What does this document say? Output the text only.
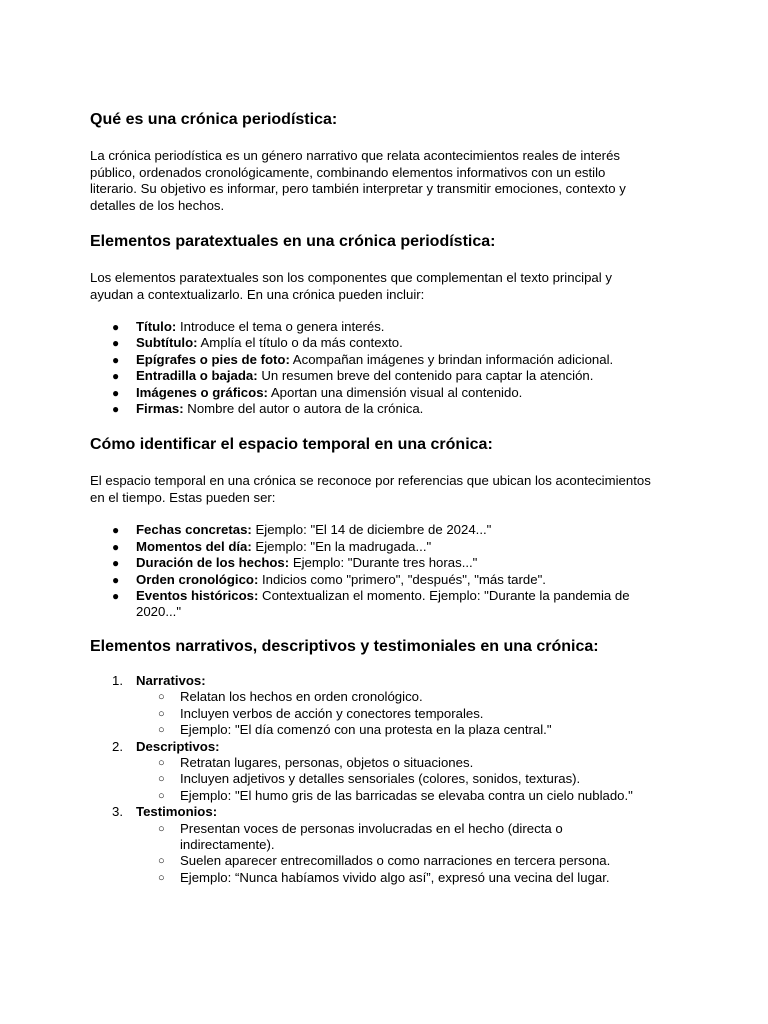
Qué es una crónica periodística:

La crónica periodística es un género narrativo que relata acontecimientos reales de interés
público, ordenados cronológicamente, combinando elementos informativos con un estilo
literario. Su objetivo es informar, pero también interpretar y transmitir emociones, contexto y
detalles de los hechos.

Elementos paratextuales en una crónica periodística:

Los elementos paratextuales son los componentes que complementan el texto principal y
ayudan a contextualizarlo. En una crónica pueden incluir:

● Título: Introduce el tema o genera interés.
● Subtítulo: Amplía el título o da más contexto.
● Epígrafes o pies de foto: Acompañan imágenes y brindan información adicional.
● Entradilla o bajada: Un resumen breve del contenido para captar la atención.
● Imágenes o gráficos: Aportan una dimensión visual al contenido.
● Firmas: Nombre del autor o autora de la crónica.
Cómo identificar el espacio temporal en una crónica:

El espacio temporal en una crónica se reconoce por referencias que ubican los acontecimientos
en el tiempo. Estas pueden ser:

● Fechas concretas: Ejemplo: "El 14 de diciembre de 2024..."
● Momentos del día: Ejemplo: "En la madrugada..."
● Duración de los hechos: Ejemplo: "Durante tres horas..."
● Orden cronológico: Indicios como "primero", "después", "más tarde".
● Eventos históricos: Contextualizan el momento. Ejemplo: "Durante la pandemia de
2020..."
Elementos narrativos, descriptivos y testimoniales en una crónica:
1. Narrativos:
○ Relatan los hechos en orden cronológico.
○ Incluyen verbos de acción y conectores temporales.
○ Ejemplo: "El día comenzó con una protesta en la plaza central."
2. Descriptivos:
○ Retratan lugares, personas, objetos o situaciones.
○ Incluyen adjetivos y detalles sensoriales (colores, sonidos, texturas).
○ Ejemplo: "El humo gris de las barricadas se elevaba contra un cielo nublado."
3. Testimonios:
○ Presentan voces de personas involucradas en el hecho (directa o
indirectamente).
○ Suelen aparecer entrecomillados o como narraciones en tercera persona.
○ Ejemplo: “Nunca habíamos vivido algo así”, expresó una vecina del lugar.
